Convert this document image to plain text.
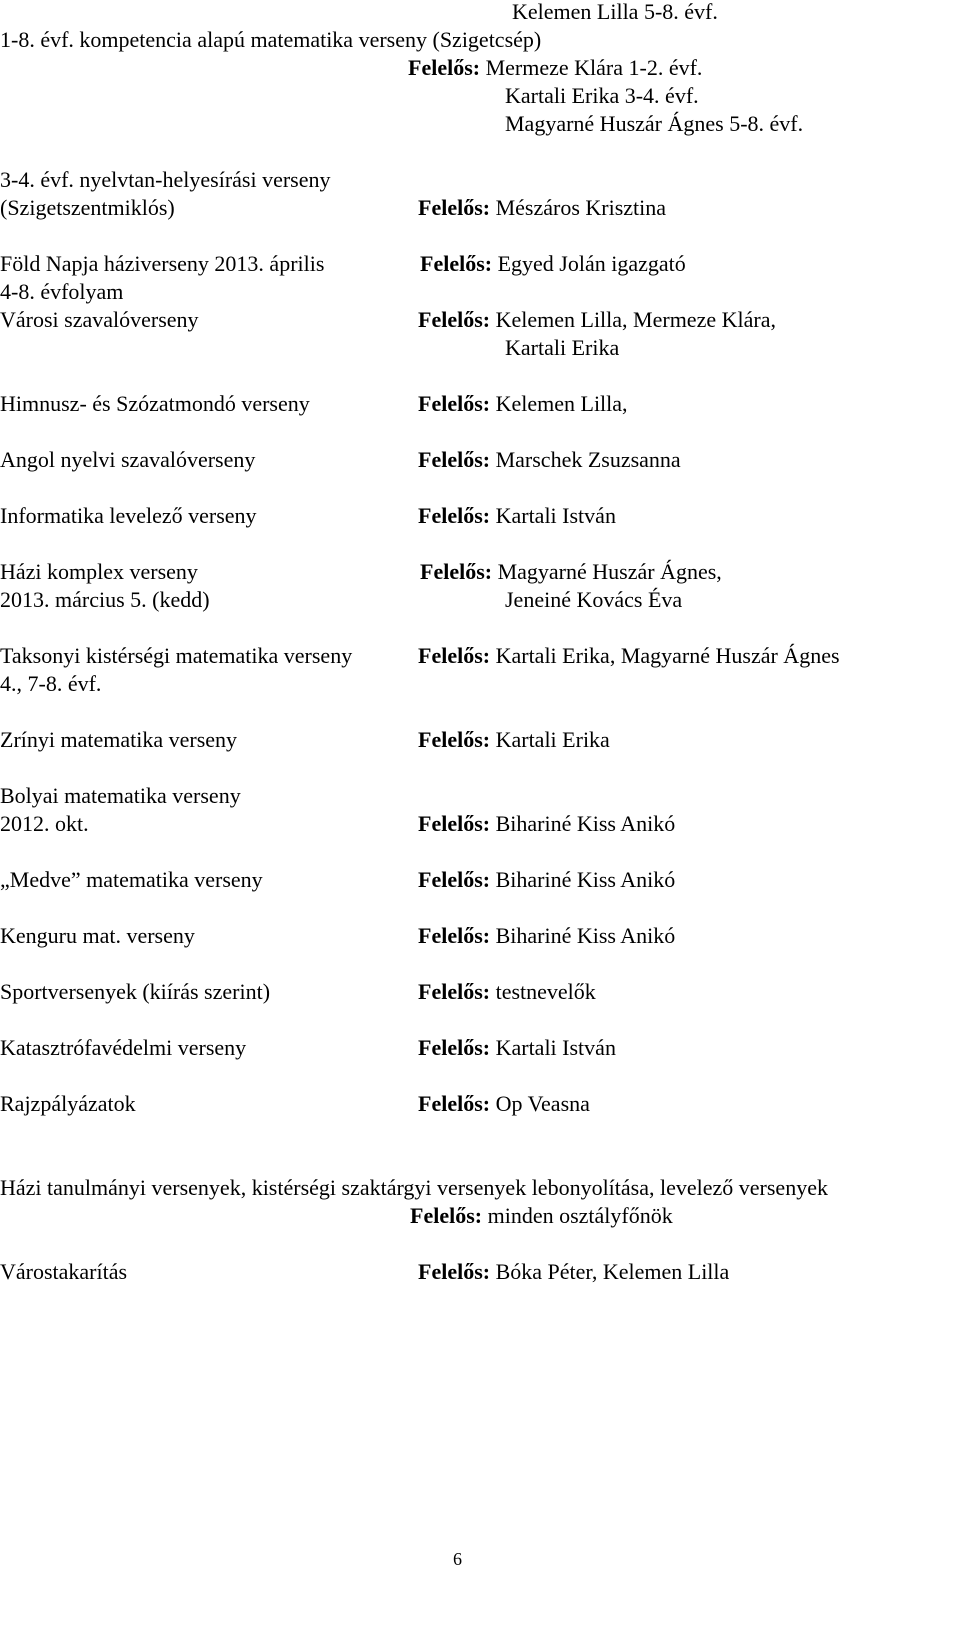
Kelemen Lilla 5-8. évf.
1-8. évf. kompetencia alapú matematika verseny (Szigetcsép)
Felelős: Mermeze Klára 1-2. évf.
Kartali Erika 3-4. évf.
Magyarné Huszár Ágnes 5-8. évf.
3-4. évf. nyelvtan-helyesírási verseny
(Szigetszentmiklós)	Felelős: Mészáros Krisztina
Föld Napja háziverseny 2013. április	Felelős: Egyed Jolán igazgató
4-8. évfolyam
Városi szavalóverseny	Felelős: Kelemen Lilla, Mermeze Klára,
Kartali Erika
Himnusz- és Szózatmondó verseny	Felelős: Kelemen Lilla,
Angol nyelvi szavalóverseny	Felelős: Marschek Zsuzsanna
Informatika levelező verseny	Felelős: Kartali István
Házi komplex verseny	Felelős: Magyarné Huszár Ágnes,
2013. március 5. (kedd)	Jeneiné Kovács Éva
Taksonyi kistérségi matematika verseny	Felelős: Kartali Erika, Magyarné Huszár Ágnes
4., 7-8. évf.
Zrínyi matematika verseny	Felelős: Kartali Erika
Bolyai matematika verseny
2012. okt.	Felelős: Bihariné Kiss Anikó
„Medve” matematika verseny	Felelős: Bihariné Kiss Anikó
Kenguru mat. verseny	Felelős: Bihariné Kiss Anikó
Sportversenyek (kiírás szerint)	Felelős: testnevelők
Katasztrófavédelmi verseny	Felelős: Kartali István
Rajzpályázatok	Felelős: Op Veasna
Házi tanulmányi versenyek, kistérségi szaktárgyi versenyek lebonyolítása, levelező versenyek
Felelős: minden osztályfőnök
Várostakarítás	Felelős: Bóka Péter, Kelemen Lilla
6
